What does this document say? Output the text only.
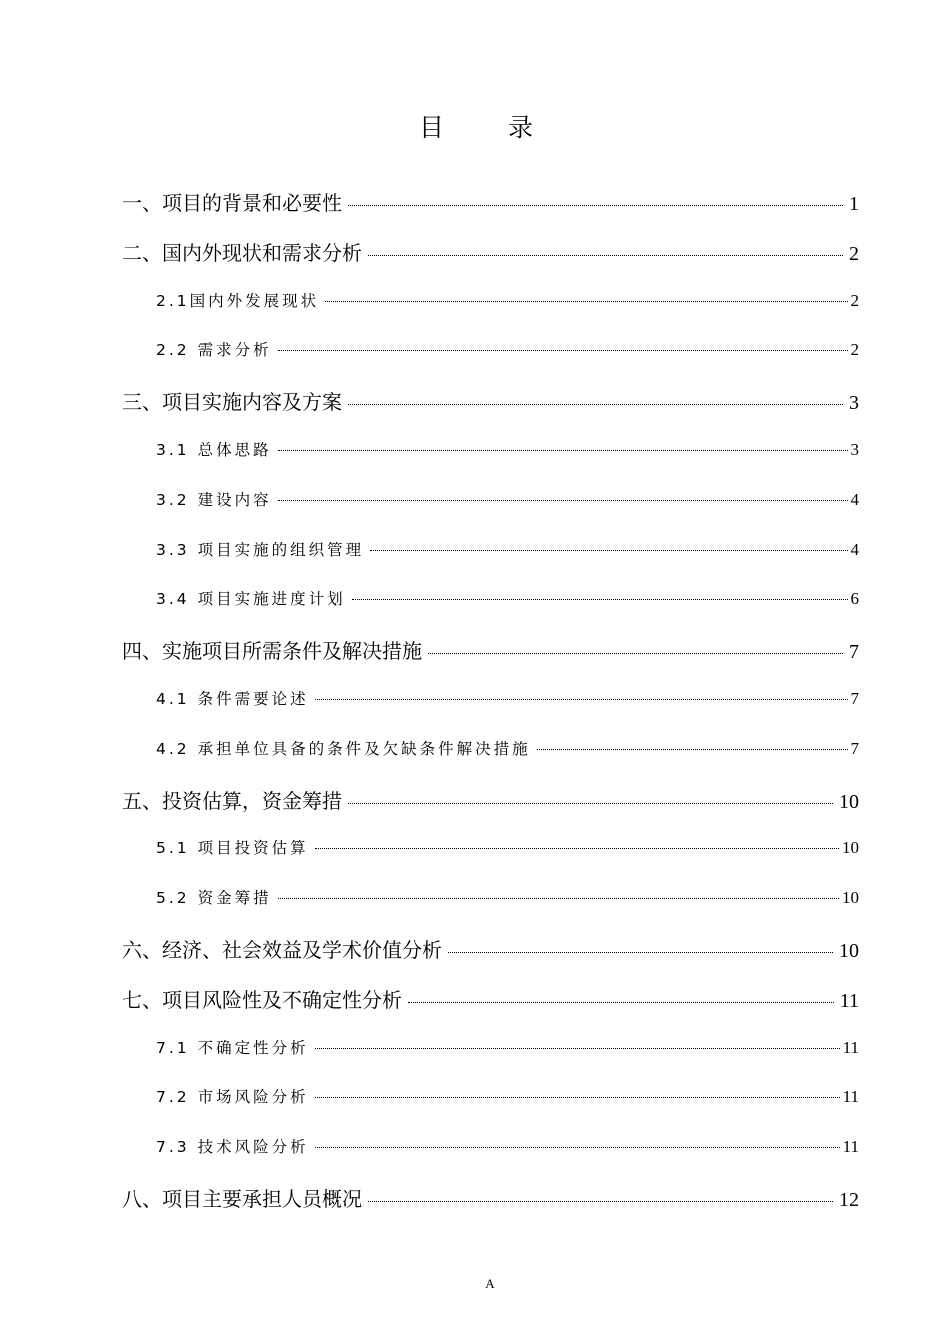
目 录
一、项目的背景和必要性	1
二、国内外现状和需求分析	2
2.1国内外发展现状	2
2.2 需求分析	2
三、项目实施内容及方案	3
3.1 总体思路	3
3.2 建设内容	4
3.3 项目实施的组织管理	4
3.4 项目实施进度计划	6
四、实施项目所需条件及解决措施	7
4.1 条件需要论述	7
4.2 承担单位具备的条件及欠缺条件解决措施	7
五、投资估算，资金筹措	10
5.1 项目投资估算	10
5.2 资金筹措	10
六、经济、社会效益及学术价值分析	10
七、项目风险性及不确定性分析	11
7.1 不确定性分析	11
7.2 市场风险分析	11
7.3 技术风险分析	11
八、项目主要承担人员概况	12
A
